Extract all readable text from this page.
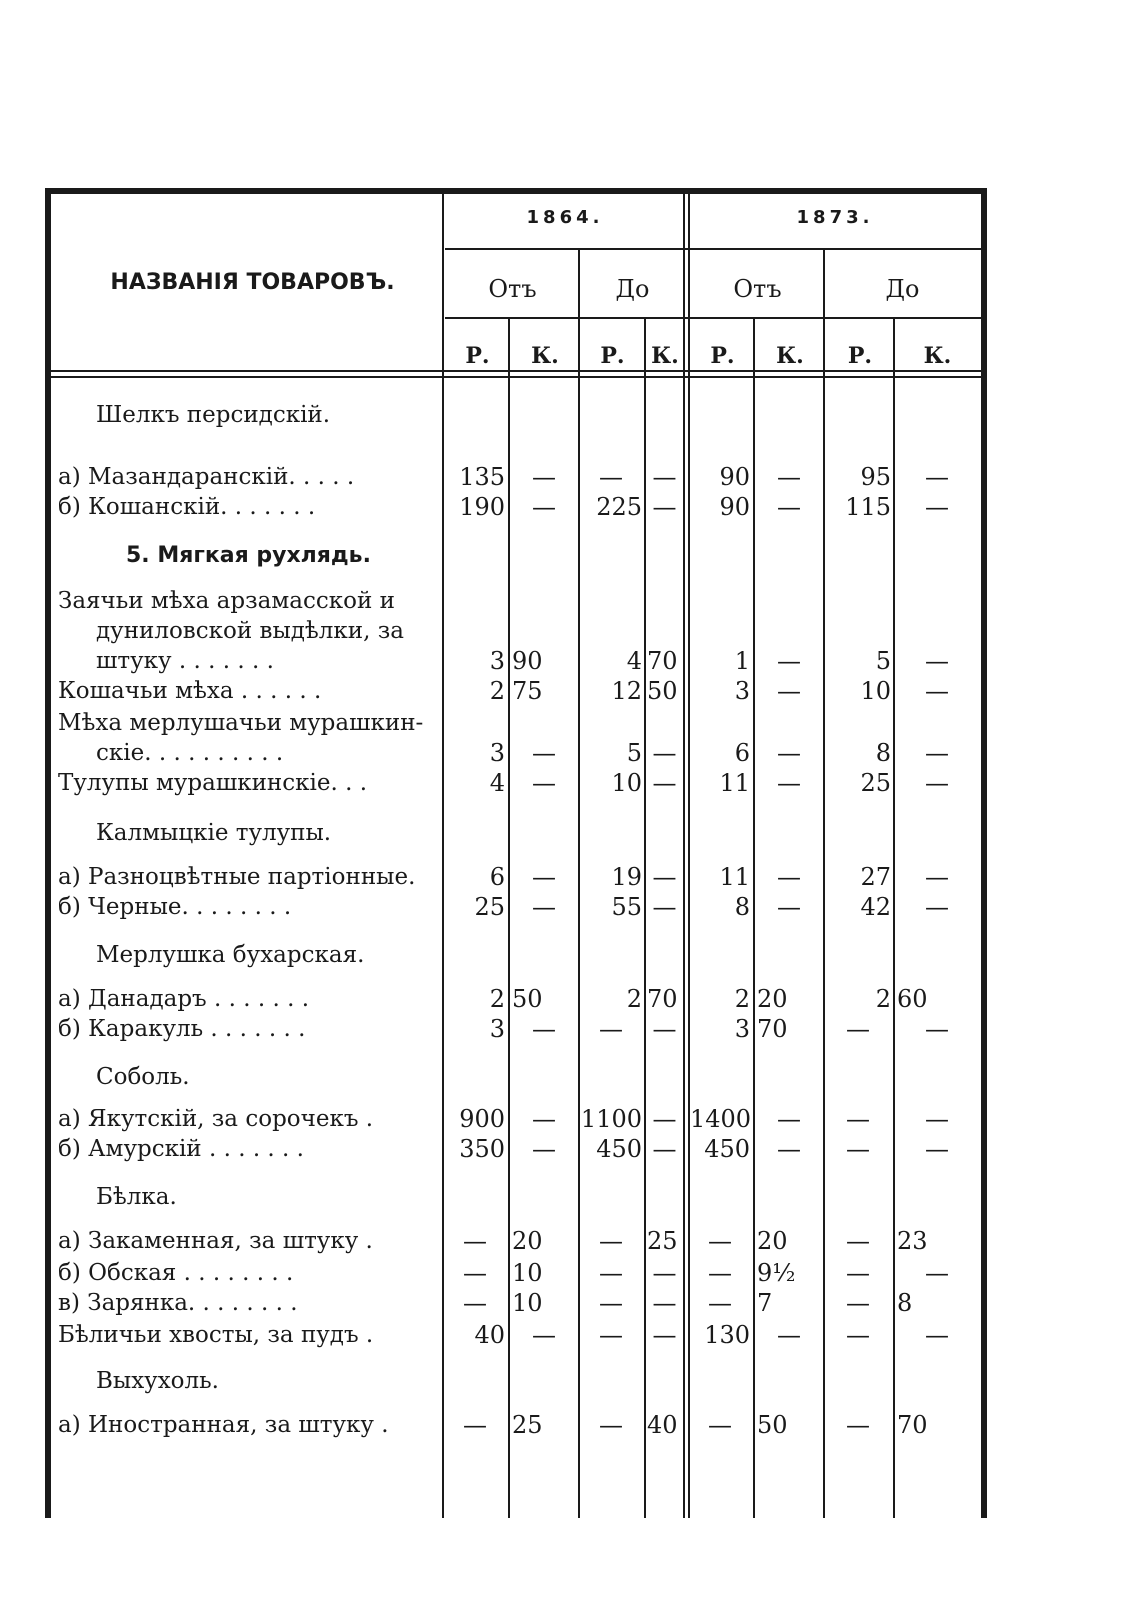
НАЗВАНІЯ ТОВАРОВЪ.
1864.	1873.
Отъ	До	Отъ	До
Р.	К.	Р.	К.	Р.	К.	Р.	К.
Шелкъ персидскій.
а) Мазандаранскій. . . . .	135	—	—	—	90	—	95	—
б) Кошанскій. . . . . . .	190	—	225 —	90	—	115	—
5. Мягкая рухлядь.
Заячьи мѣха арзамасской и
дуниловской выдѣлки, за
штуку . . . . . . .	3 90	4 70	1	—	5	—
Кошачьи мѣха . . . . . .	2 75	12 50	3	—	10	—
Мѣха мерлушачьи мурашкин-
скіе. . . . . . . . . .	3	—	5 —	6	—	8	—
Тулупы мурашкинскіе. . .	4	—	10 —	11	—	25	—
Калмыцкіе тулупы.
а) Разноцвѣтные партіонные.	6	—	19 —	11	—	27	—
б) Черные. . . . . . . .	25	—	55 —	8	—	42	—
Мерлушка бухарская.
а) Данадаръ . . . . . . .	2 50	2 70	2 20	2 60
б) Каракуль . . . . . . .	3	—	—	—	3 70	—	—
Соболь.
а) Якутскій, за сорочекъ .	900	—	1100 — 1400	—	—	—
б) Амурскій . . . . . . .	350	—	450 —	450	—	—	—
Бѣлка.
а) Закаменная, за штуку .	—	20	—	25	—	20	—	23
б) Обская . . . . . . . .	—	10	—	—	—	9½	—	—
в) Зарянка. . . . . . . .	—	10	—	—	—	7	—	8
Бѣличьи хвосты, за пудъ .	40	—	—	—	130	—	—	—
Выхухоль.
а) Иностранная, за штуку .	—	25	—	40	—	50	—	70
